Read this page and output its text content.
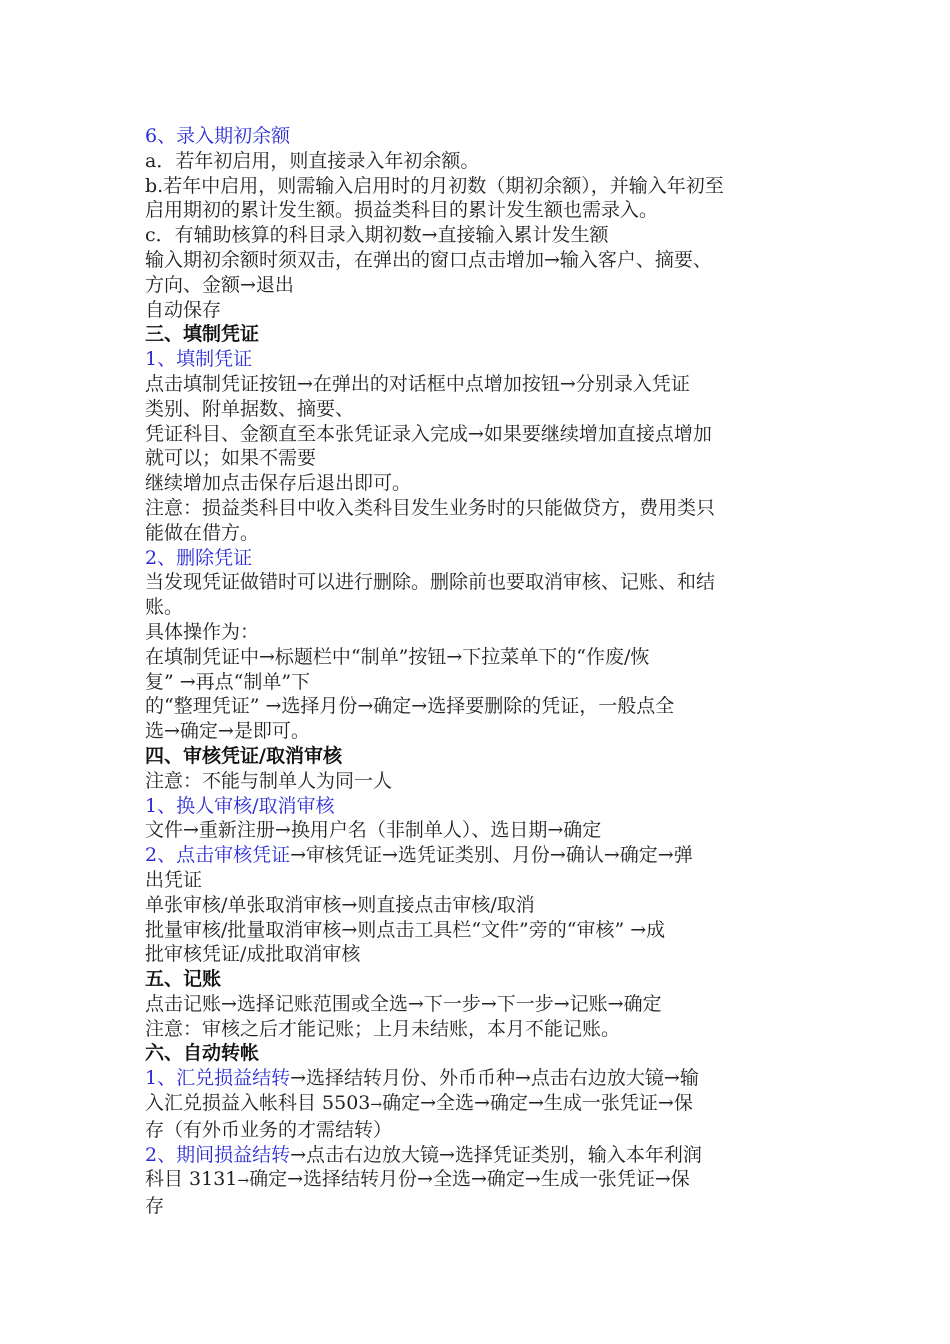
6、录入期初余额

a．若年初启用，则直接录入年初余额。

b.若年中启用，则需输入启用时的月初数（期初余额），并输入年初至

启用期初的累计发生额。损益类科目的累计发生额也需录入。

c．有辅助核算的科目录入期初数→直接输入累计发生额

输入期初余额时须双击，在弹出的窗口点击增加→输入客户、摘要、

方向、金额→退出

自动保存

三、填制凭证

1、填制凭证

点击填制凭证按钮→在弹出的对话框中点增加按钮→分别录入凭证

类别、附单据数、摘要、

凭证科目、金额直至本张凭证录入完成→如果要继续增加直接点增加

就可以；如果不需要

继续增加点击保存后退出即可。

注意：损益类科目中收入类科目发生业务时的只能做贷方，费用类只

能做在借方。

2、删除凭证

当发现凭证做错时可以进行删除。删除前也要取消审核、记账、和结

账。

具体操作为：

在填制凭证中→标题栏中“制单”按钮→下拉菜单下的“作废/恢

复” →再点“制单”下

的“整理凭证” →选择月份→确定→选择要删除的凭证，一般点全

选→确定→是即可。

四、审核凭证/取消审核

注意：不能与制单人为同一人

1、换人审核/取消审核

文件→重新注册→换用户名（非制单人）、选日期→确定

2、点击审核凭证→审核凭证→选凭证类别、月份→确认→确定→弹

出凭证

单张审核/单张取消审核→则直接点击审核/取消

批量审核/批量取消审核→则点击工具栏“文件”旁的“审核” →成

批审核凭证/成批取消审核

五、记账

点击记账→选择记账范围或全选→下一步→下一步→记账→确定

注意：审核之后才能记账；上月未结账，本月不能记账。

六、自动转帐

1、汇兑损益结转→选择结转月份、外币币种→点击右边放大镜→输

入汇兑损益入帐科目 5503→确定→全选→确定→生成一张凭证→保

存（有外币业务的才需结转）

2、期间损益结转→点击右边放大镜→选择凭证类别，输入本年利润

科目 3131→确定→选择结转月份→全选→确定→生成一张凭证→保

存
